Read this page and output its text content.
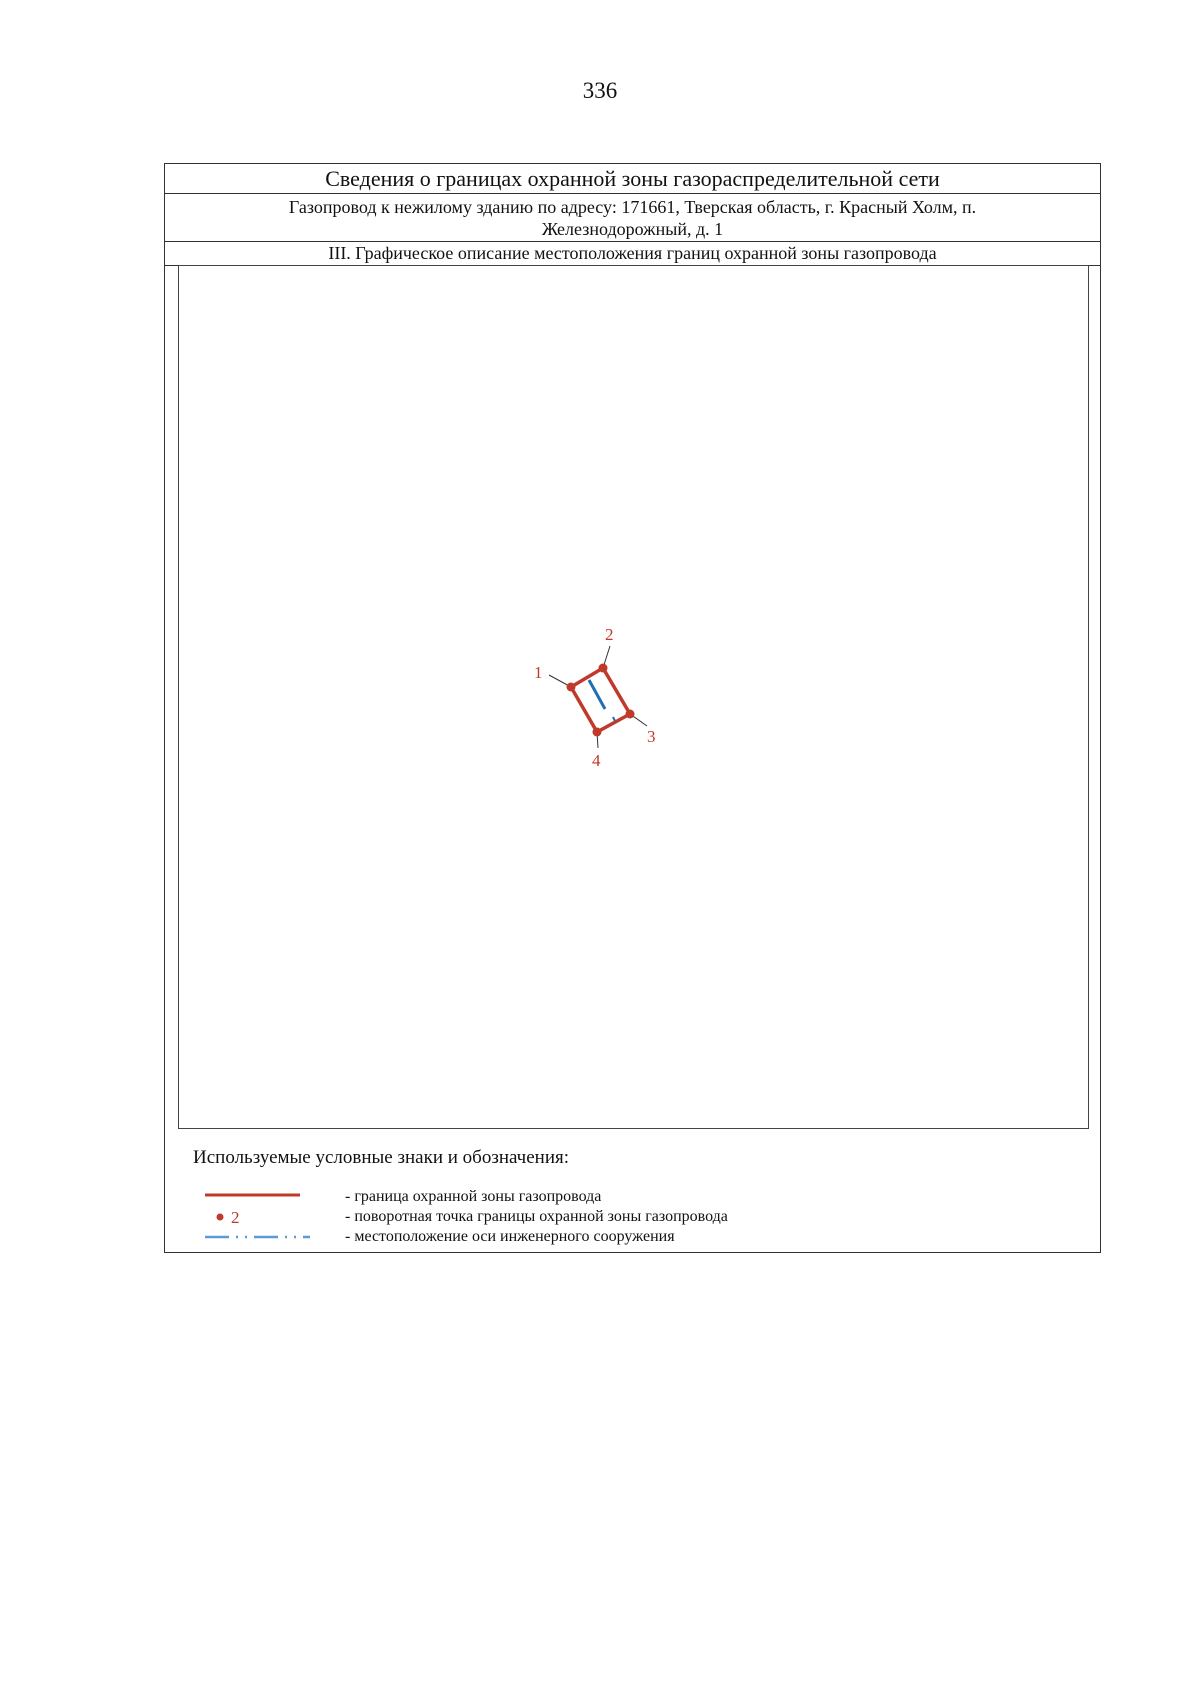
336
Сведения о границах охранной зоны газораспределительной сети
Газопровод к нежилому зданию по адресу: 171661, Тверская область, г. Красный Холм, п.
Железнодорожный, д. 1
III. Графическое описание местоположения границ охранной зоны газопровода
1
2
3
4
Используемые условные знаки и обозначения:
- граница охранной зоны газопровода
2	- поворотная точка границы охранной зоны газопровода
- местоположение оси инженерного сооружения
